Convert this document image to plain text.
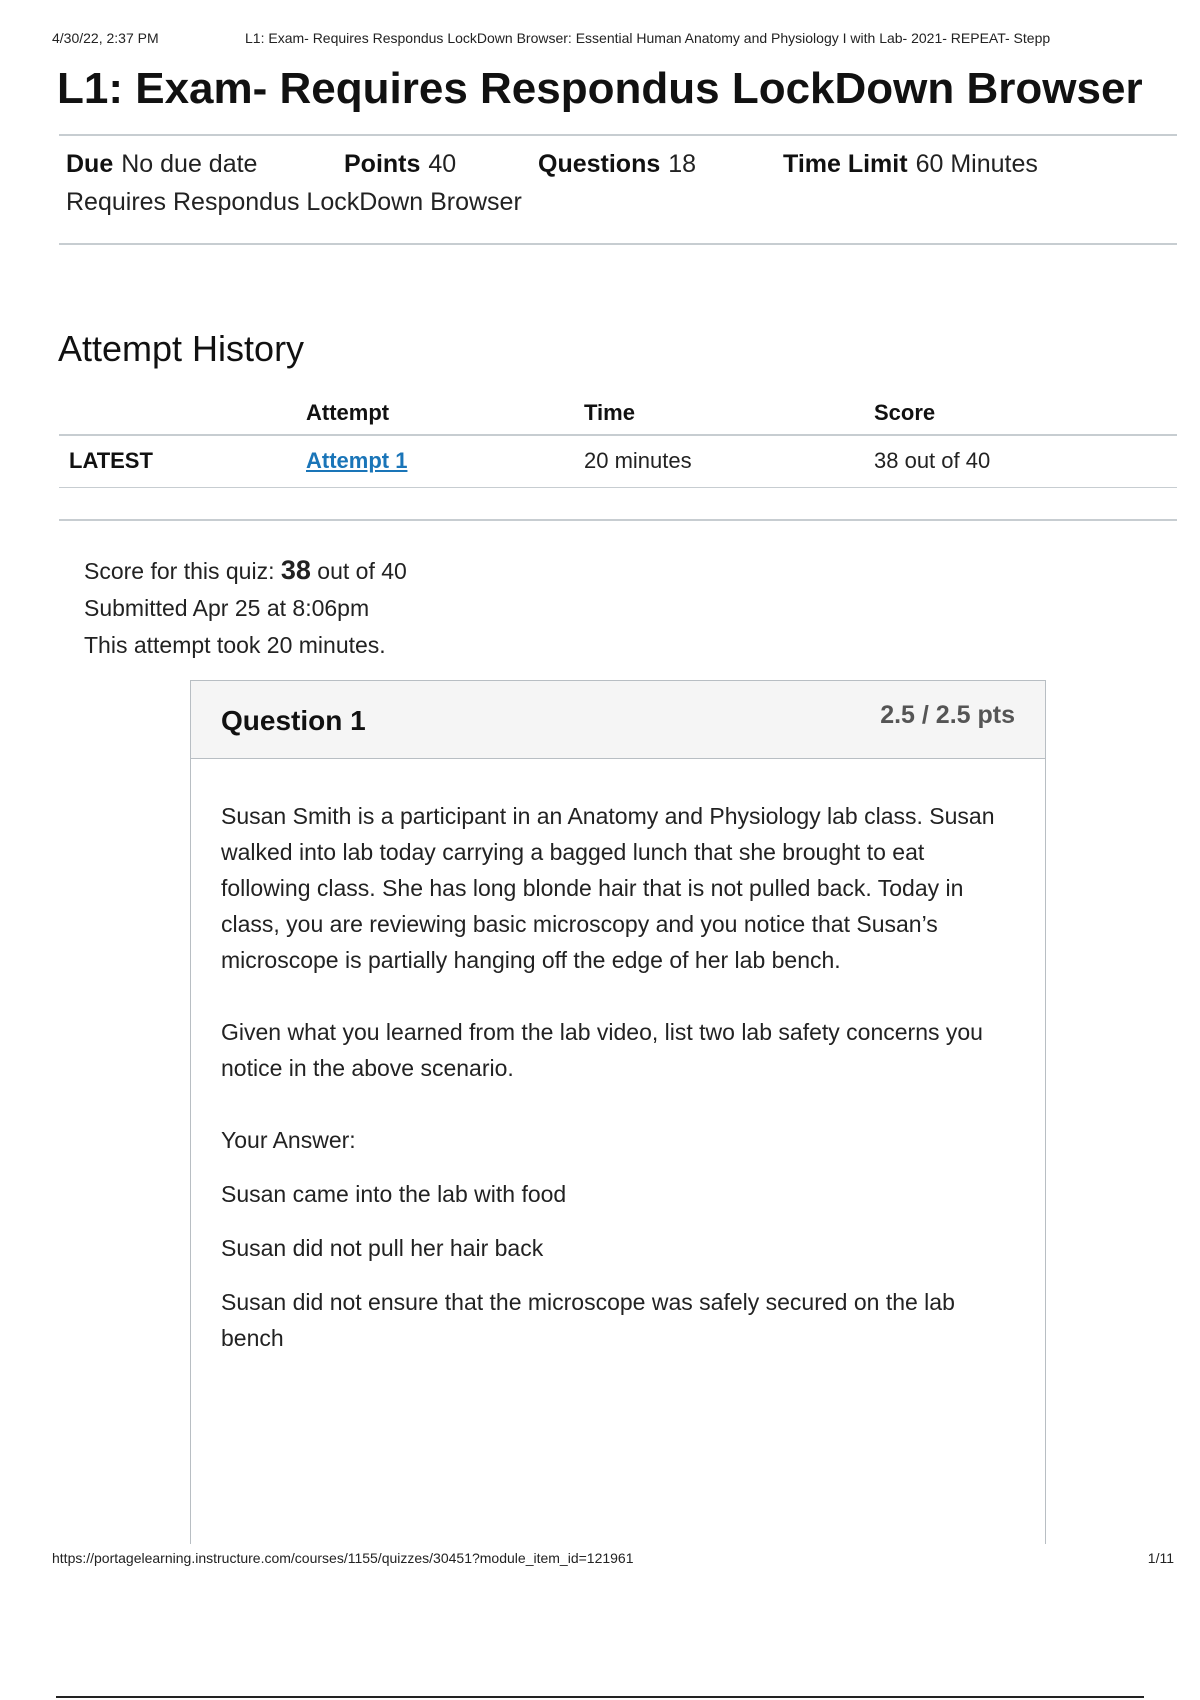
4/30/22, 2:37 PM	L1: Exam- Requires Respondus LockDown Browser: Essential Human Anatomy and Physiology I with Lab- 2021- REPEAT- Stepp
L1: Exam- Requires Respondus LockDown Browser
Due No due date	Points 40	Questions 18	Time Limit 60 Minutes
Requires Respondus LockDown Browser
Attempt History
	Attempt	Time	Score
LATEST	Attempt 1	20 minutes	38 out of 40
Score for this quiz: 38 out of 40
Submitted Apr 25 at 8:06pm
This attempt took 20 minutes.
Question 1	2.5 / 2.5 pts

Susan Smith is a participant in an Anatomy and Physiology lab class. Susan walked into lab today carrying a bagged lunch that she brought to eat following class. She has long blonde hair that is not pulled back. Today in class, you are reviewing basic microscopy and you notice that Susan’s microscope is partially hanging off the edge of her lab bench.

Given what you learned from the lab video, list two lab safety concerns you notice in the above scenario.

Your Answer:
Susan came into the lab with food
Susan did not pull her hair back
Susan did not ensure that the microscope was safely secured on the lab bench
https://portagelearning.instructure.com/courses/1155/quizzes/30451?module_item_id=121961	1/11
